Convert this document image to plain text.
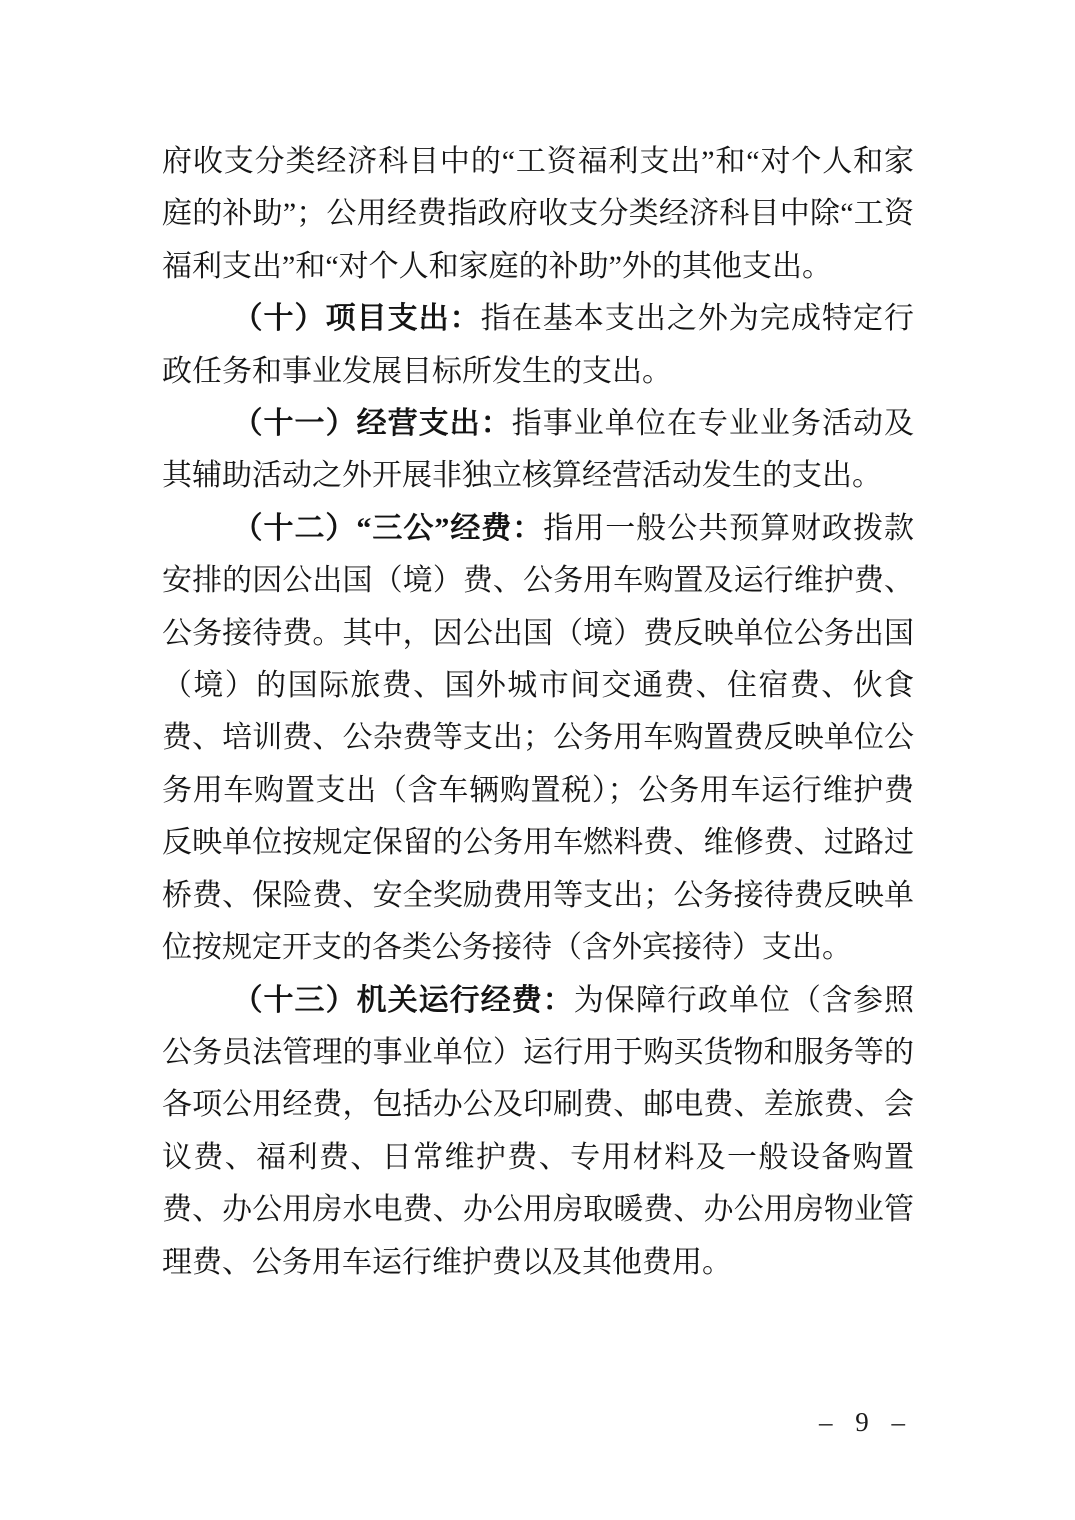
府收支分类经济科目中的“工资福利支出”和“对个人和家庭的补助”；公用经费指政府收支分类经济科目中除“工资福利支出”和“对个人和家庭的补助”外的其他支出。

（十）项目支出：指在基本支出之外为完成特定行政任务和事业发展目标所发生的支出。

（十一）经营支出：指事业单位在专业业务活动及其辅助活动之外开展非独立核算经营活动发生的支出。

（十二）“三公”经费：指用一般公共预算财政拨款安排的因公出国（境）费、公务用车购置及运行维护费、公务接待费。其中，因公出国（境）费反映单位公务出国（境）的国际旅费、国外城市间交通费、住宿费、伙食费、培训费、公杂费等支出；公务用车购置费反映单位公务用车购置支出（含车辆购置税）；公务用车运行维护费反映单位按规定保留的公务用车燃料费、维修费、过路过桥费、保险费、安全奖励费用等支出；公务接待费反映单位按规定开支的各类公务接待（含外宾接待）支出。

（十三）机关运行经费：为保障行政单位（含参照公务员法管理的事业单位）运行用于购买货物和服务等的各项公用经费，包括办公及印刷费、邮电费、差旅费、会议费、福利费、日常维护费、专用材料及一般设备购置费、办公用房水电费、办公用房取暖费、办公用房物业管理费、公务用车运行维护费以及其他费用。

– 9 –
